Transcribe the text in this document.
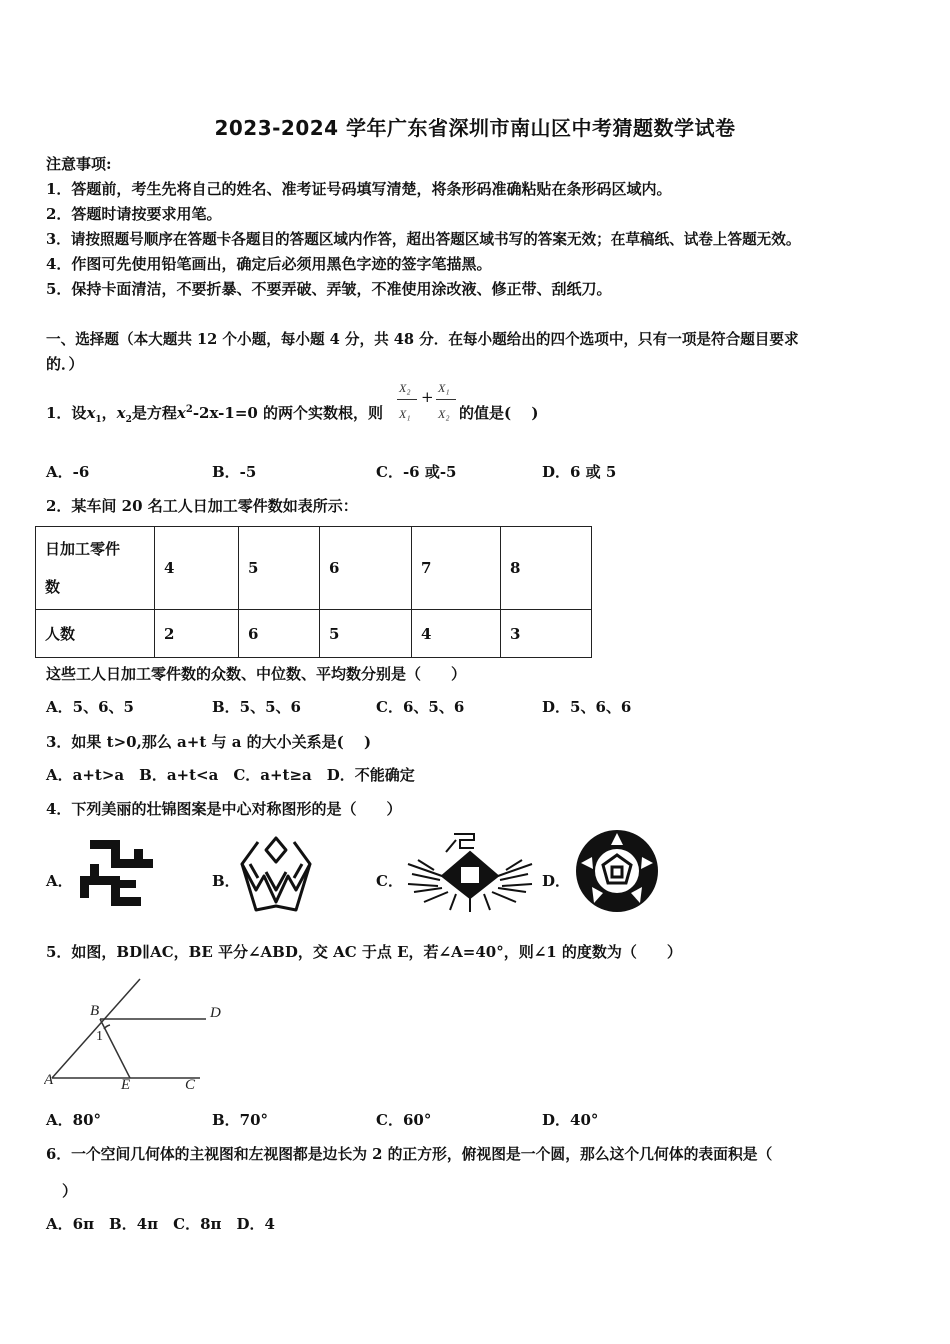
2023-2024 学年广东省深圳市南山区中考猜题数学试卷
注意事项:
1．答题前，考生先将自己的姓名、准考证号码填写清楚，将条形码准确粘贴在条形码区域内。
2．答题时请按要求用笔。
3．请按照题号顺序在答题卡各题目的答题区域内作答，超出答题区域书写的答案无效；在草稿纸、试卷上答题无效。
4．作图可先使用铅笔画出，确定后必须用黑色字迹的签字笔描黑。
5．保持卡面清洁，不要折暴、不要弄破、弄皱，不准使用涂改液、修正带、刮纸刀。
一、选择题（本大题共 12 个小题，每小题 4 分，共 48 分．在每小题给出的四个选项中，只有一项是符合题目要求
的．）
1．设$x_1$，$x_2$是方程$x^2-2x-1=0$ 的两个实数根，则
X₂
X₁
+ X₁
X₂ 的值是(　 )
A．-6	B．-5	C．-6 或-5	D．6 或 5
2．某车间 20 名工人日加工零件数如表所示：
日加工零件
数	4	5	6	7	8
人数	2	6	5	4	3
这些工人日加工零件数的众数、中位数、平均数分别是（　　）
A．5、6、5	B．5、5、6	C．6、5、6	D．5、6、6
3．如果 t>0,那么 a+t 与 a 的大小关系是(　 )
A．a+t>a　B．a+t<a　C．a+t≥a　D．不能确定
4．下列美丽的壮锦图案是中心对称图形的是（　　）
A．	B．	C．	D．
5．如图，BD∥AC，BE 平分∠ABD，交 AC 于点 E，若∠A=40°，则∠1 的度数为（　　）
B	D
A	E	C
1
A．80°	B．70°	C．60°	D．40°
6．一个空间几何体的主视图和左视图都是边长为 2 的正方形，俯视图是一个圆，那么这个几何体的表面积是（
）
A．6π　B．4π　C．8π　D．4
